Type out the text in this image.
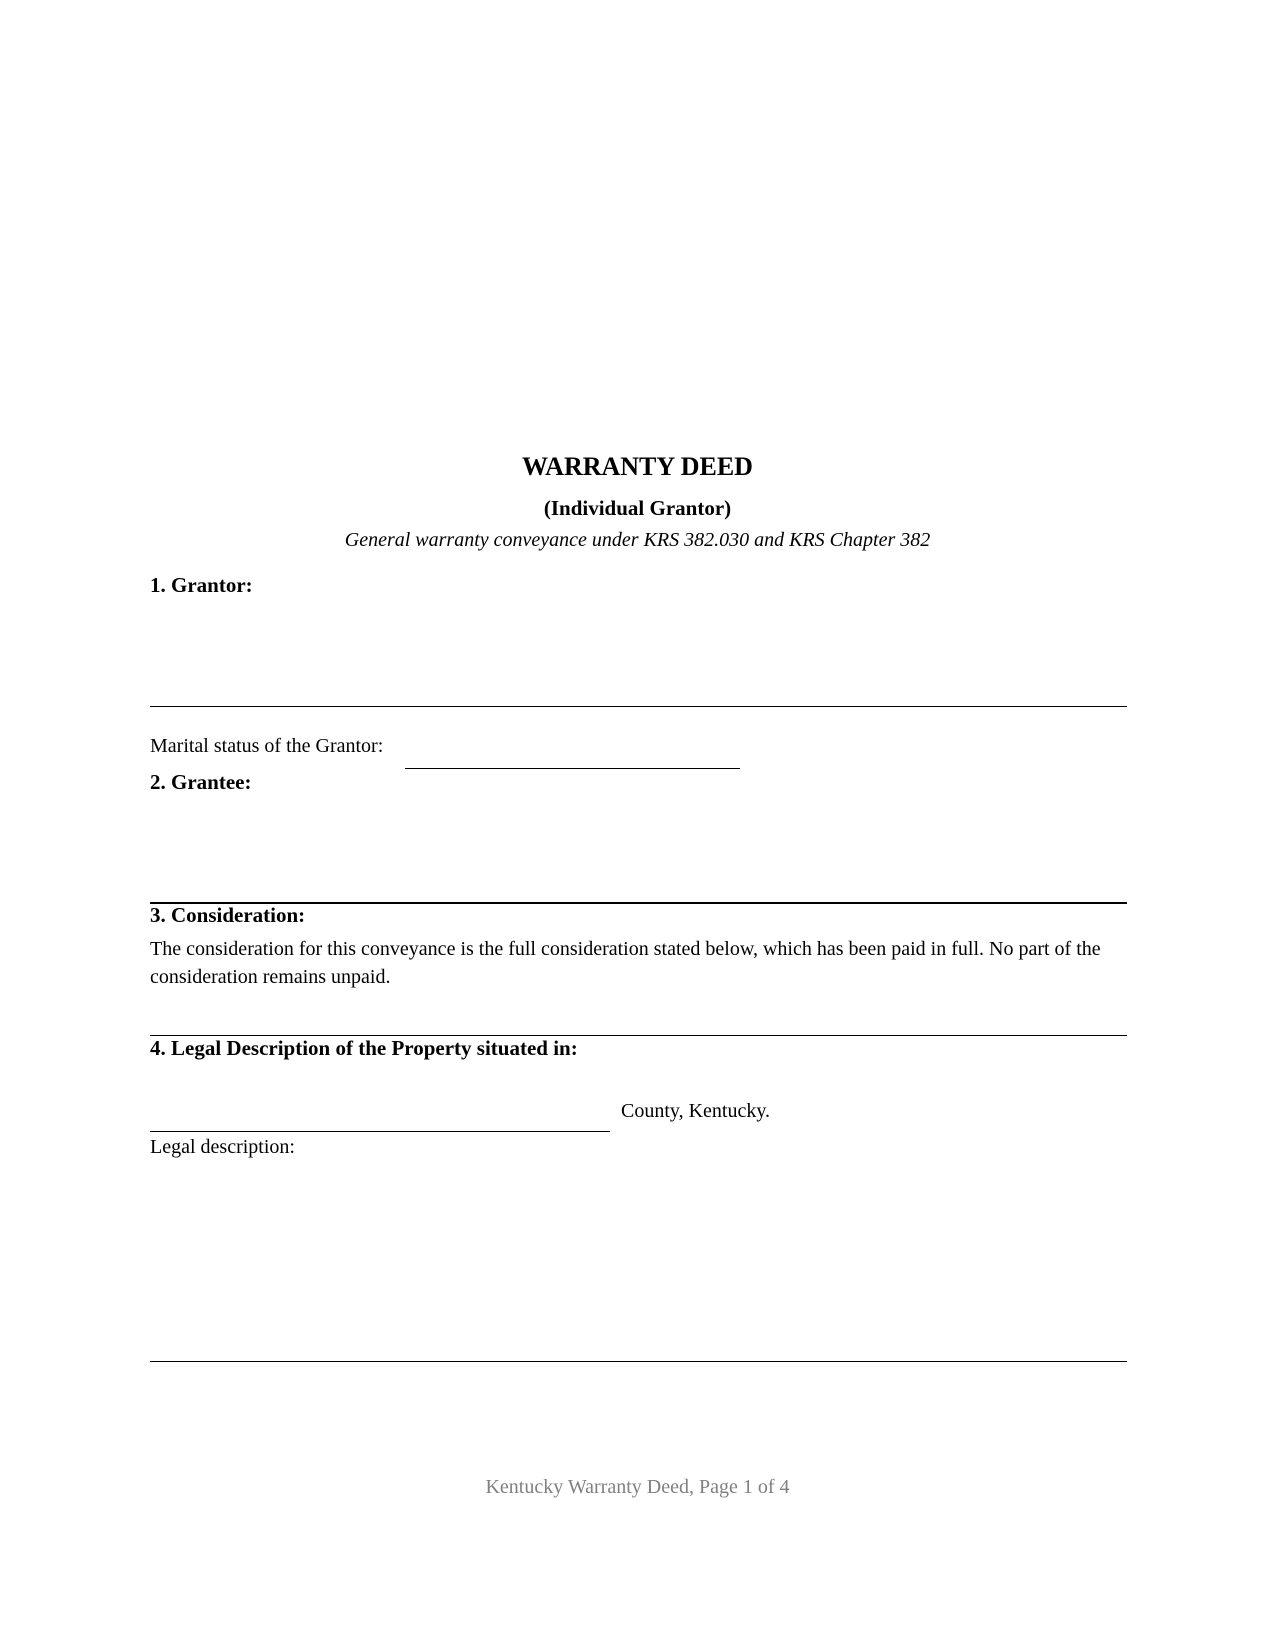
WARRANTY DEED
(Individual Grantor)
General warranty conveyance under KRS 382.030 and KRS Chapter 382
1. Grantor:
Marital status of the Grantor:
2. Grantee:
3. Consideration:
The consideration for this conveyance is the full consideration stated below, which has been paid in full. No part of the consideration remains unpaid.
4. Legal Description of the Property situated in:
County, Kentucky.
Legal description:
Kentucky Warranty Deed, Page 1 of 4
